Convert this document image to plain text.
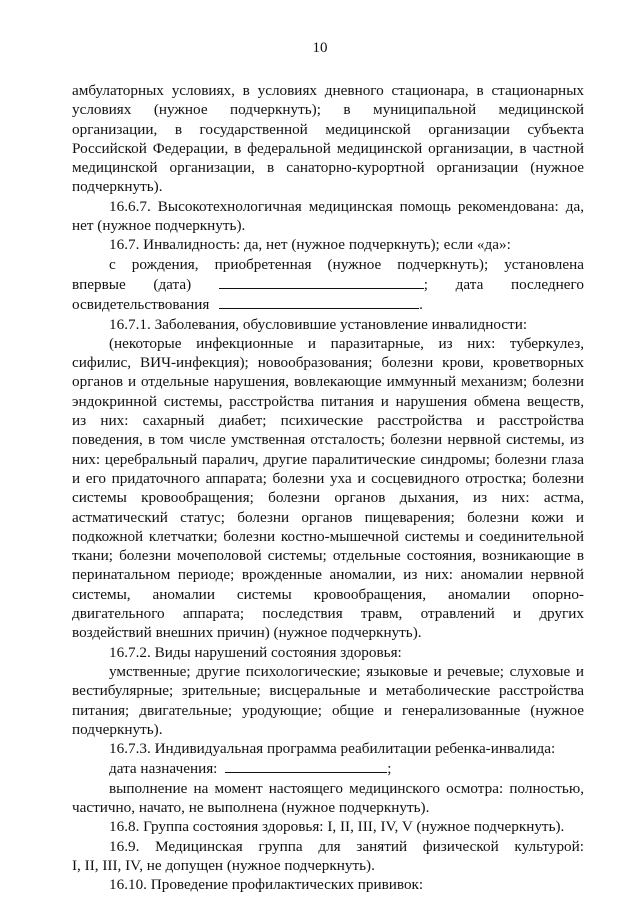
10

амбулаторных условиях, в условиях дневного стационара, в стационарных
условиях (нужное подчеркнуть); в муниципальной медицинской
организации, в государственной медицинской организации субъекта
Российской Федерации, в федеральной медицинской организации, в частной
медицинской организации, в санаторно-курортной организации (нужное
подчеркнуть).

16.6.7. Высокотехнологичная медицинская помощь рекомендована: да,
нет (нужное подчеркнуть).

16.7. Инвалидность: да, нет (нужное подчеркнуть); если «да»:

с рождения, приобретенная (нужное подчеркнуть); установлена
впервые (дата)	; дата последнего
освидетельствования	.

16.7.1. Заболевания, обусловившие установление инвалидности:

(некоторые инфекционные и паразитарные, из них: туберкулез,
сифилис, ВИЧ-инфекция); новообразования; болезни крови, кроветворных
органов и отдельные нарушения, вовлекающие иммунный механизм; болезни
эндокринной системы, расстройства питания и нарушения обмена веществ,
из них: сахарный диабет; психические расстройства и расстройства
поведения, в том числе умственная отсталость; болезни нервной системы, из
них: церебральный паралич, другие паралитические синдромы; болезни глаза
и его придаточного аппарата; болезни уха и сосцевидного отростка; болезни
системы кровообращения; болезни органов дыхания, из них: астма,
астматический статус; болезни органов пищеварения; болезни кожи и
подкожной клетчатки; болезни костно-мышечной системы и соединительной
ткани; болезни мочеполовой системы; отдельные состояния, возникающие в
перинатальном периоде; врожденные аномалии, из них: аномалии нервной
системы, аномалии системы кровообращения, аномалии опорно-
двигательного аппарата; последствия травм, отравлений и других
воздействий внешних причин) (нужное подчеркнуть).

16.7.2. Виды нарушений состояния здоровья:

умственные; другие психологические; языковые и речевые; слуховые и
вестибулярные; зрительные; висцеральные и метаболические расстройства
питания; двигательные; уродующие; общие и генерализованные (нужное
подчеркнуть).

16.7.3. Индивидуальная программа реабилитации ребенка-инвалида:

дата назначения:	;

выполнение на момент настоящего медицинского осмотра: полностью,
частично, начато, не выполнена (нужное подчеркнуть).

16.8. Группа состояния здоровья: I, II, III, IV, V (нужное подчеркнуть).

16.9. Медицинская группа для занятий физической культурой:
I, II, III, IV, не допущен (нужное подчеркнуть).

16.10. Проведение профилактических прививок:
